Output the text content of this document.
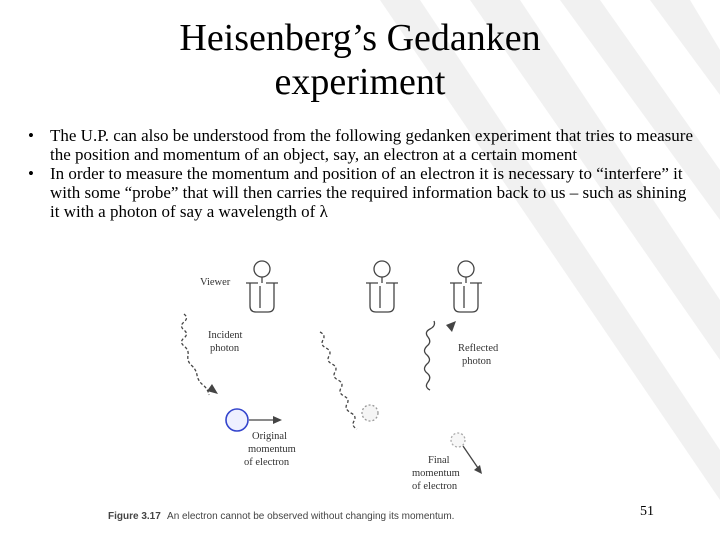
Heisenberg’s Gedanken
experiment
• The U.P. can also be understood from the following gedanken experiment that tries to measure the position and momentum of an object, say, an electron at a certain moment
• In order to measure the momentum and position of an electron it is necessary to “interfere” it with some “probe” that will then carries the required information back to us – such as shining it with a photon of say a wavelength of λ
Viewer
Incident
photon	Reflected
photon
Original
momentum
of electron	Final
momentum
of electron
Figure 3.17 An electron cannot be observed without changing its momentum.	51
